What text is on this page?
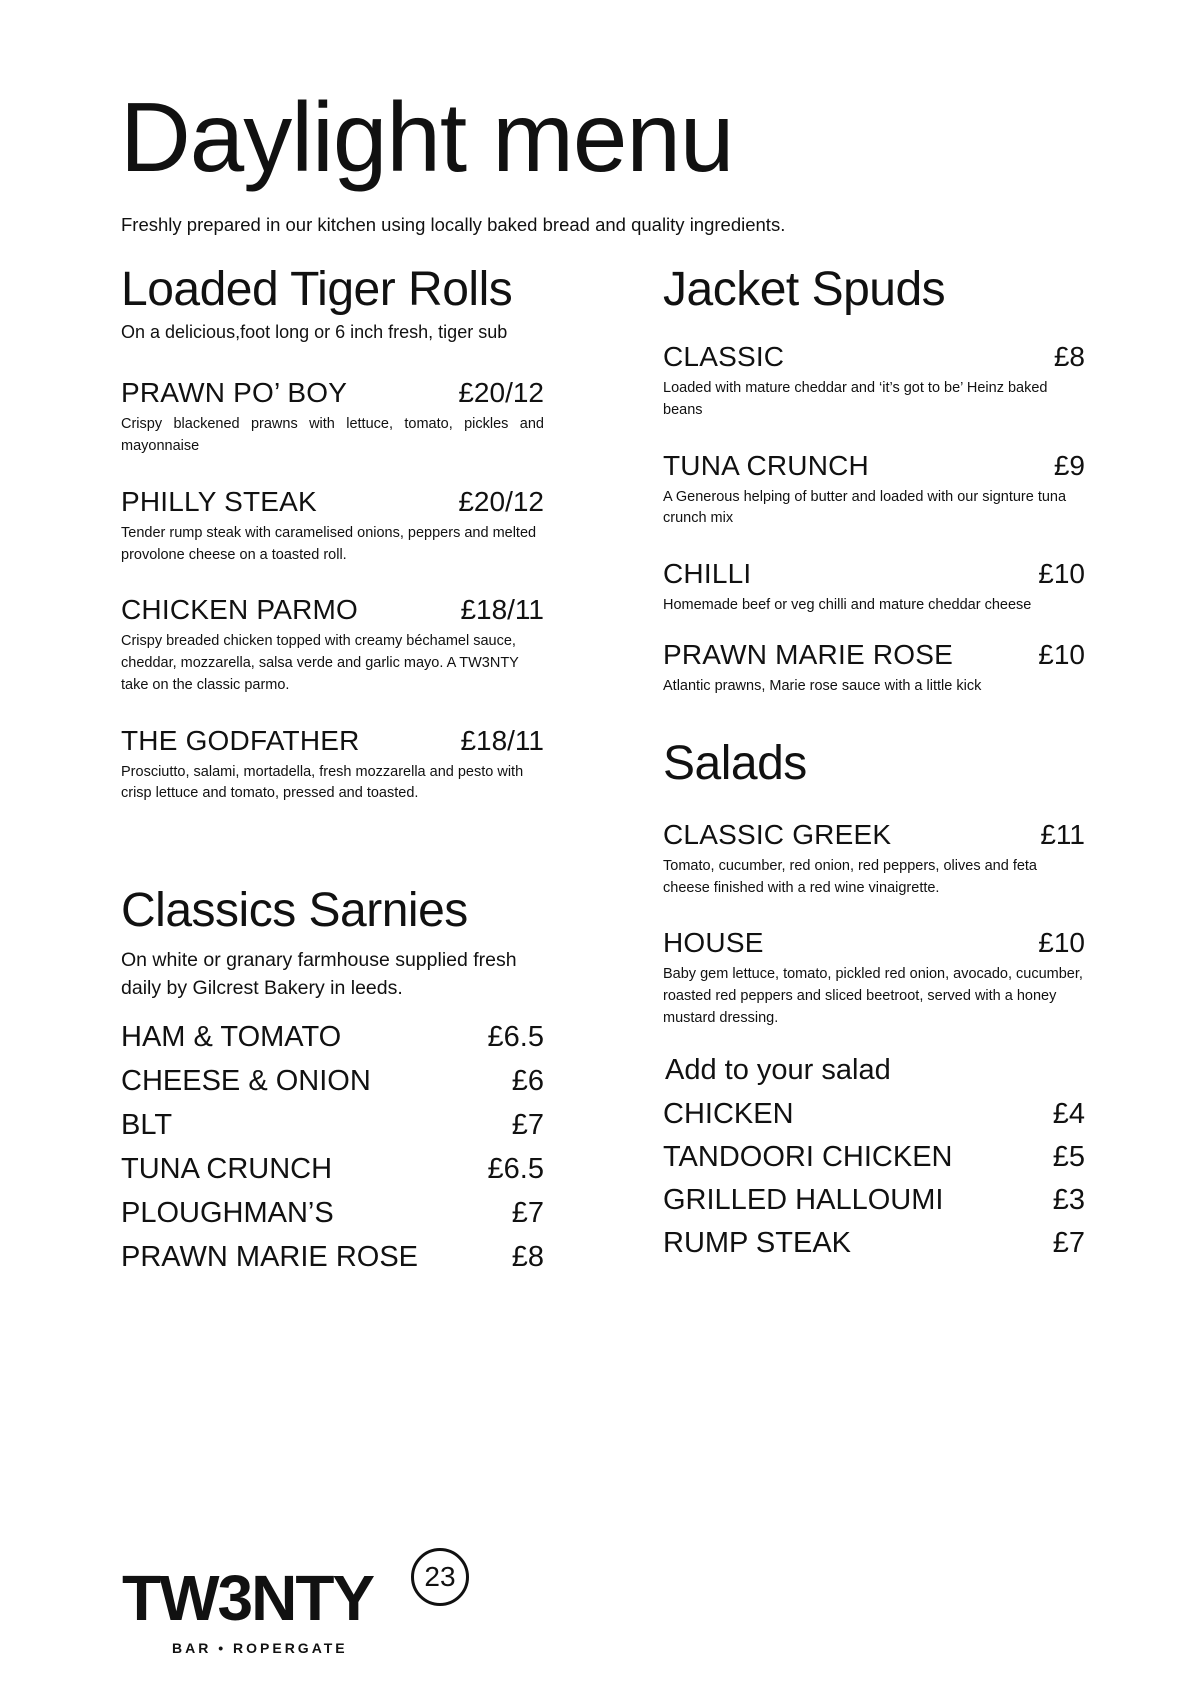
Daylight menu

Freshly prepared in our kitchen using locally baked bread and quality ingredients.

Loaded Tiger Rolls

On a delicious,foot long or 6 inch fresh, tiger sub

PRAWN PO’ BOY	£20/12
Crispy blackened prawns with lettuce, tomato, pickles and mayonnaise
PHILLY STEAK	£20/12
Tender rump steak with caramelised onions, peppers and melted provolone cheese on a toasted roll.
CHICKEN PARMO	£18/11
Crispy breaded chicken topped with creamy béchamel sauce, cheddar, mozzarella, salsa verde and garlic mayo. A TW3NTY take on the classic parmo.
THE GODFATHER	£18/11
Prosciutto, salami, mortadella, fresh mozzarella and pesto with crisp lettuce and tomato, pressed and toasted.
Classics Sarnies

On white or granary farmhouse supplied fresh daily by Gilcrest Bakery in leeds.

HAM & TOMATO	£6.5
CHEESE & ONION	£6
BLT	£7
TUNA CRUNCH	£6.5
PLOUGHMAN’S	£7
PRAWN MARIE ROSE	£8
Jacket Spuds
CLASSIC	£8
Loaded with mature cheddar and ‘it’s got to be’ Heinz baked beans
TUNA CRUNCH	£9
A Generous helping of butter and loaded with our signture tuna crunch mix
CHILLI	£10
Homemade beef or veg chilli and mature cheddar cheese
PRAWN MARIE ROSE	£10
Atlantic prawns, Marie rose sauce with a little kick
Salads
CLASSIC GREEK	£11
Tomato, cucumber, red onion, red peppers, olives and feta cheese finished with a red wine vinaigrette.
HOUSE	£10
Baby gem lettuce, tomato, pickled red onion, avocado, cucumber, roasted red peppers and sliced beetroot, served with a honey mustard dressing.
Add to your salad
CHICKEN	£4
TANDOORI CHICKEN	£5
GRILLED HALLOUMI	£3
RUMP STEAK	£7
TW3NTY	23
BAR • ROPERGATE
